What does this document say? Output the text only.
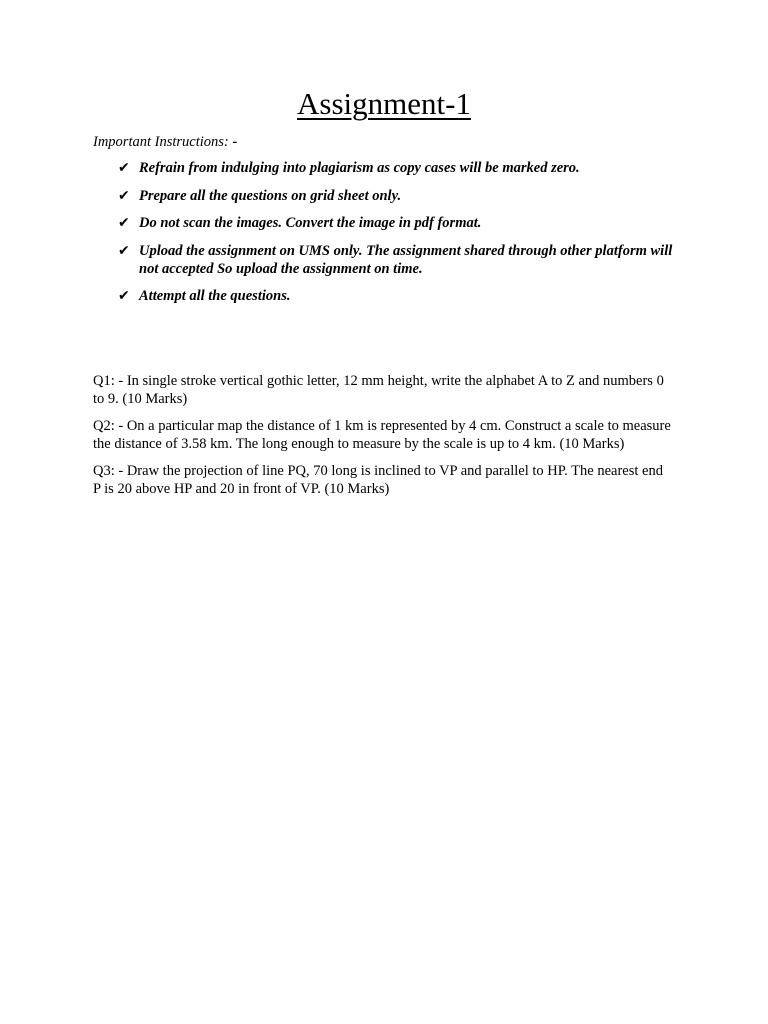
Assignment-1
Important Instructions: -
✔ Refrain from indulging into plagiarism as copy cases will be marked zero.
✔ Prepare all the questions on grid sheet only.
✔ Do not scan the images. Convert the image in pdf format.
✔ Upload the assignment on UMS only. The assignment shared through other platform will not accepted So upload the assignment on time.
✔ Attempt all the questions.

Q1: - In single stroke vertical gothic letter, 12 mm height, write the alphabet A to Z and numbers 0 to 9. (10 Marks)

Q2: - On a particular map the distance of 1 km is represented by 4 cm. Construct a scale to measure the distance of 3.58 km. The long enough to measure by the scale is up to 4 km. (10 Marks)

Q3: - Draw the projection of line PQ, 70 long is inclined to VP and parallel to HP. The nearest end P is 20 above HP and 20 in front of VP. (10 Marks)
